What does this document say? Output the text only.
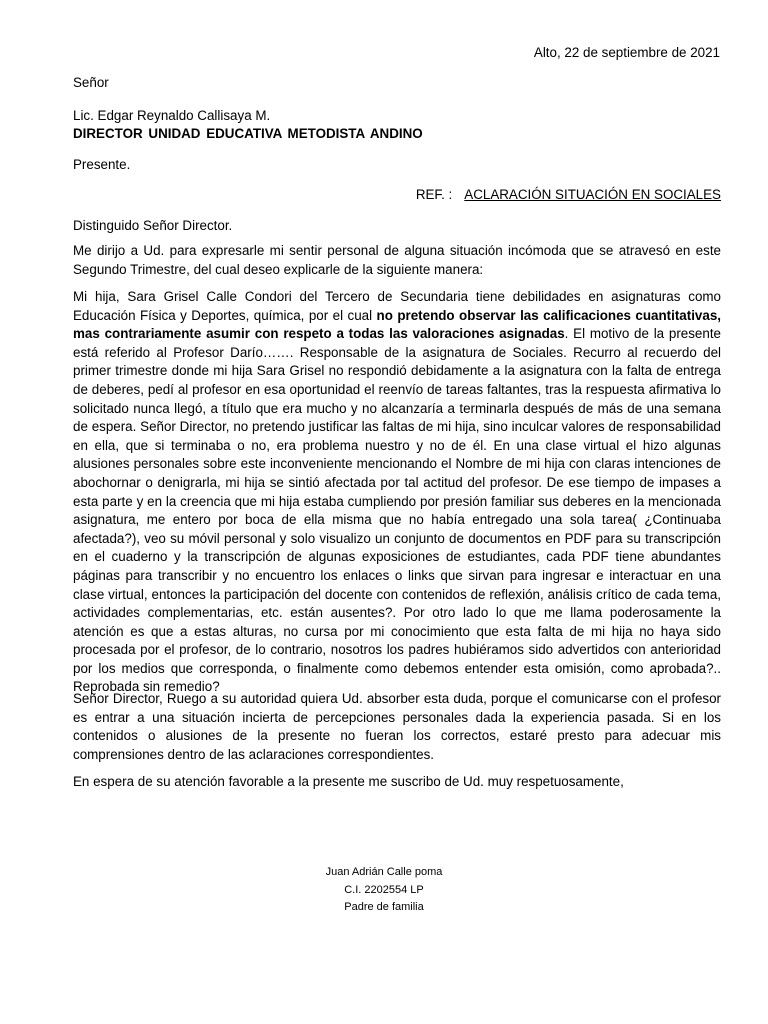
Alto, 22 de septiembre de 2021
Señor
Lic. Edgar Reynaldo Callisaya M.
DIRECTOR UNIDAD EDUCATIVA METODISTA ANDINO
Presente.
REF. : ACLARACIÓN SITUACIÓN EN SOCIALES
Distinguido Señor Director.

Me dirijo a Ud. para expresarle mi sentir personal de alguna situación incómoda que se atravesó en este Segundo Trimestre, del cual deseo explicarle de la siguiente manera:

Mi hija, Sara Grisel Calle Condori del Tercero de Secundaria tiene debilidades en asignaturas como Educación Física y Deportes, química, por el cual no pretendo observar las calificaciones cuantitativas, mas contrariamente asumir con respeto a todas las valoraciones asignadas. El motivo de la presente está referido al Profesor Darío……. Responsable de la asignatura de Sociales. Recurro al recuerdo del primer trimestre donde mi hija Sara Grisel no respondió debidamente a la asignatura con la falta de entrega de deberes, pedí al profesor en esa oportunidad el reenvío de tareas faltantes, tras la respuesta afirmativa lo solicitado nunca llegó, a título que era mucho y no alcanzaría a terminarla después de más de una semana de espera. Señor Director, no pretendo justificar las faltas de mi hija, sino inculcar valores de responsabilidad en ella, que si terminaba o no, era problema nuestro y no de él. En una clase virtual el hizo algunas alusiones personales sobre este inconveniente mencionando el Nombre de mi hija con claras intenciones de abochornar o denigrarla, mi hija se sintió afectada por tal actitud del profesor. De ese tiempo de impases a esta parte y en la creencia que mi hija estaba cumpliendo por presión familiar sus deberes en la mencionada asignatura, me entero por boca de ella misma que no había entregado una sola tarea( ¿Continuaba afectada?), veo su móvil personal y solo visualizo un conjunto de documentos en PDF para su transcripción en el cuaderno y la transcripción de algunas exposiciones de estudiantes, cada PDF tiene abundantes páginas para transcribir y no encuentro los enlaces o links que sirvan para ingresar e interactuar en una clase virtual, entonces la participación del docente con contenidos de reflexión, análisis crítico de cada tema, actividades complementarias, etc. están ausentes?. Por otro lado lo que me llama poderosamente la atención es que a estas alturas, no cursa por mi conocimiento que esta falta de mi hija no haya sido procesada por el profesor, de lo contrario, nosotros los padres hubiéramos sido advertidos con anterioridad por los medios que corresponda, o finalmente como debemos entender esta omisión, como aprobada?.. Reprobada sin remedio?

Señor Director, Ruego a su autoridad quiera Ud. absorber esta duda, porque el comunicarse con el profesor es entrar a una situación incierta de percepciones personales dada la experiencia pasada. Si en los contenidos o alusiones de la presente no fueran los correctos, estaré presto para adecuar mis comprensiones dentro de las aclaraciones correspondientes.

En espera de su atención favorable a la presente me suscribo de Ud. muy respetuosamente,

Juan Adrián Calle poma
C.I. 2202554 LP
Padre de familia
